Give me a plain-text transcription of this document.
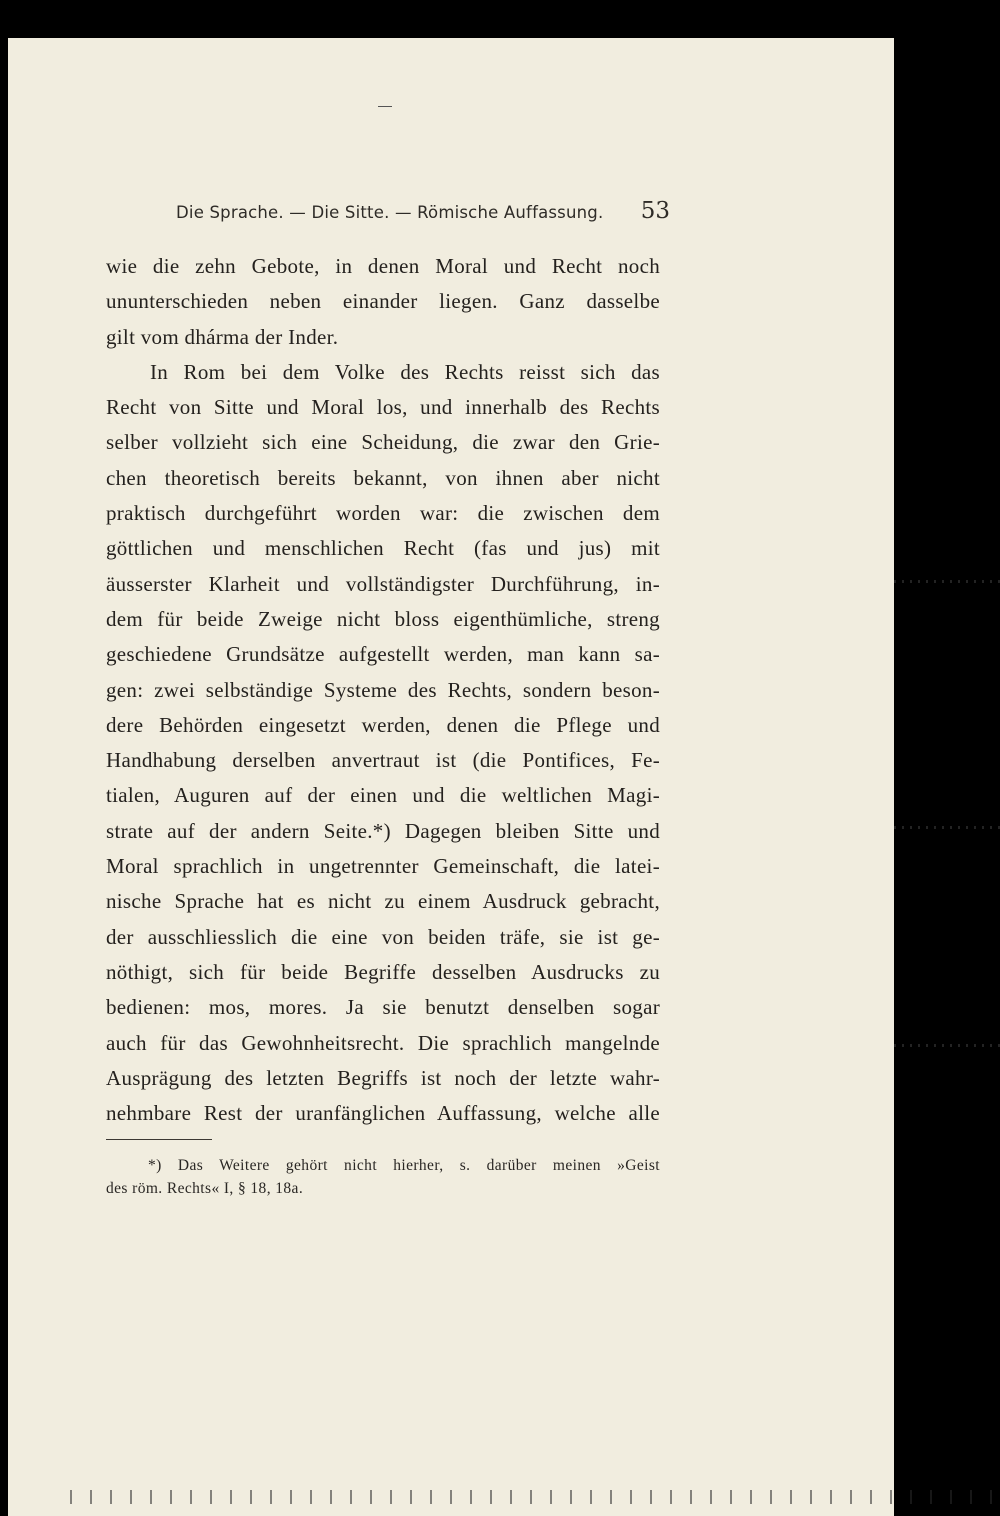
Die Sprache. — Die Sitte. — Römische Auffassung. 53
wie die zehn Gebote, in denen Moral und Recht noch
ununterschieden neben einander liegen. Ganz dasselbe
gilt vom dhárma der Inder.
In Rom bei dem Volke des Rechts reisst sich das
Recht von Sitte und Moral los, und innerhalb des Rechts
selber vollzieht sich eine Scheidung, die zwar den Grie-
chen theoretisch bereits bekannt, von ihnen aber nicht
praktisch durchgeführt worden war: die zwischen dem
göttlichen und menschlichen Recht (fas und jus) mit
äusserster Klarheit und vollständigster Durchführung, in-
dem für beide Zweige nicht bloss eigenthümliche, streng
geschiedene Grundsätze aufgestellt werden, man kann sa-
gen: zwei selbständige Systeme des Rechts, sondern beson-
dere Behörden eingesetzt werden, denen die Pflege und
Handhabung derselben anvertraut ist (die Pontifices, Fe-
tialen, Auguren auf der einen und die weltlichen Magi-
strate auf der andern Seite.*) Dagegen bleiben Sitte und
Moral sprachlich in ungetrennter Gemeinschaft, die latei-
nische Sprache hat es nicht zu einem Ausdruck gebracht,
der ausschliesslich die eine von beiden träfe, sie ist ge-
nöthigt, sich für beide Begriffe desselben Ausdrucks zu
bedienen: mos, mores. Ja sie benutzt denselben sogar
auch für das Gewohnheitsrecht. Die sprachlich mangelnde
Ausprägung des letzten Begriffs ist noch der letzte wahr-
nehmbare Rest der uranfänglichen Auffassung, welche alle
*) Das Weitere gehört nicht hierher, s. darüber meinen »Geist
des röm. Rechts« I, § 18, 18a.
